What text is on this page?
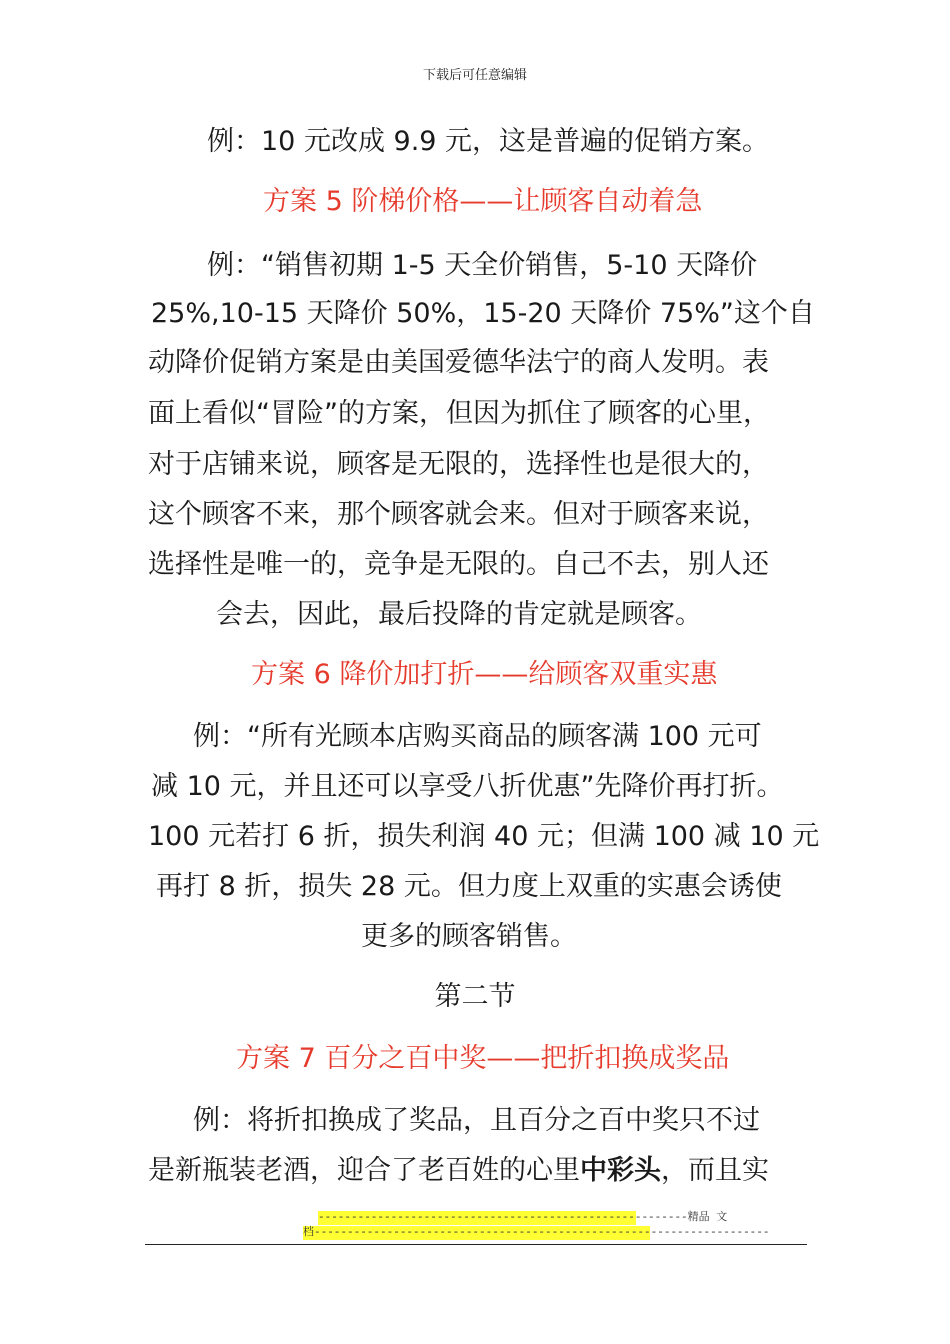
下载后可任意编辑
例：10 元改成 9.9 元，这是普遍的促销方案。
方案 5 阶梯价格——让顾客自动着急
例：“销售初期 1-5 天全价销售，5-10 天降价
25%,10-15 天降价 50%，15-20 天降价 75%”这个自
动降价促销方案是由美国爱德华法宁的商人发明。表
面上看似“冒险”的方案，但因为抓住了顾客的心里，
对于店铺来说，顾客是无限的，选择性也是很大的，
这个顾客不来，那个顾客就会来。但对于顾客来说，
选择性是唯一的，竞争是无限的。自己不去，别人还
会去，因此，最后投降的肯定就是顾客。
方案 6 降价加打折——给顾客双重实惠
例：“所有光顾本店购买商品的顾客满 100 元可
减 10 元，并且还可以享受八折优惠”先降价再打折。
100 元若打 6 折，损失利润 40 元；但满 100 减 10 元
再打 8 折，损失 28 元。但力度上双重的实惠会诱使
更多的顾客销售。
第二节
方案 7 百分之百中奖——把折扣换成奖品
例：将折扣换成了奖品，且百分之百中奖只不过
是新瓶装老酒，迎合了老百姓的心里中彩头，而且实
--------------------------------------------------------精品 文
档---------------------------------------------------------------------
